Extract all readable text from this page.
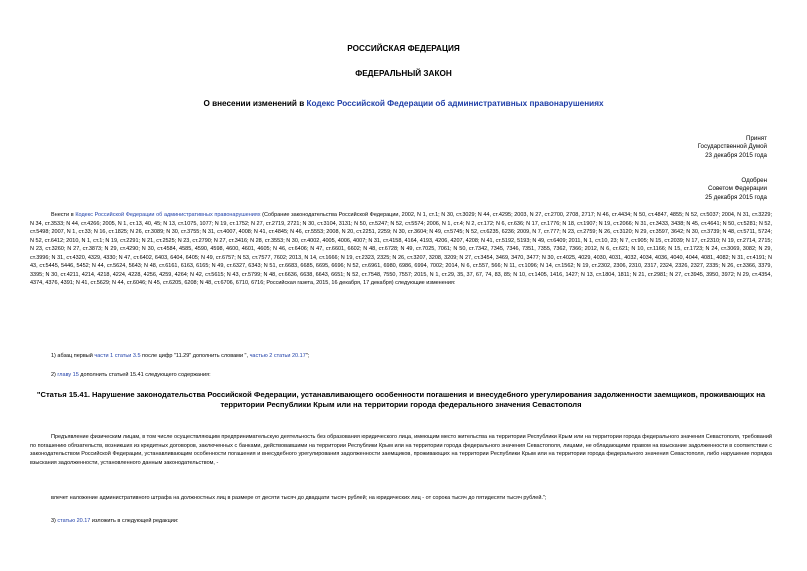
РОССИЙСКАЯ ФЕДЕРАЦИЯ
ФЕДЕРАЛЬНЫЙ ЗАКОН
О внесении изменений в Кодекс Российской Федерации об административных правонарушениях
Принят
Государственной Думой
23 декабря 2015 года
Одобрен
Советом Федерации
25 декабря 2015 года
Внести в Кодекс Российской Федерации об административных правонарушениях (Собрание законодательства Российской Федерации, 2002, N 1, ст.1; N 30, ст.3029; N 44, ст.4295; 2003, N 27, ст.2700, 2708, 2717; N 46, ст.4434; N 50, ст.4847, 4855; N 52, ст.5037; 2004, N 31, ст.3229; N 34, ст.3533; N 44, ст.4266; 2005, N 1, ст.13, 40, 45; N 13, ст.1075, 1077; N 19, ст.1752; N 27, ст.2719, 2721; N 30, ст.3104, 3131; N 50, ст.5247; N 52, ст.5574; 2006, N 1, ст.4; N 2, ст.172; N 6, ст.636; N 17, ст.1776; N 18, ст.1907; N 19, ст.2066; N 31, ст.3433, 3438; N 45, ст.4641; N 50, ст.5281; N 52, ст.5498; 2007, N 1, ст.33; N 16, ст.1825; N 26, ст.3089; N 30, ст.3755; N 31, ст.4007, 4008; N 41, ст.4845; N 46, ст.5553; 2008, N 20, ст.2251, 2259; N 30, ст.3604; N 49, ст.5745; N 52, ст.6235, 6236; 2009, N 7, ст.777; N 23, ст.2759; N 26, ст.3120; N 29, ст.3597, 3642; N 30, ст.3739; N 48, ст.5711, 5724; N 52, ст.6412; 2010, N 1, ст.1; N 19, ст.2291; N 21, ст.2525; N 23, ст.2790; N 27, ст.3416; N 28, ст.3553; N 30, ст.4002, 4005, 4006, 4007; N 31, ст.4158, 4164, 4193, 4206, 4207, 4208; N 41, ст.5192, 5193; N 49, ст.6409; 2011, N 1, ст.10, 23; N 7, ст.905; N 15, ст.2039; N 17, ст.2310; N 19, ст.2714, 2715; N 23, ст.3260; N 27, ст.3873; N 29, ст.4290; N 30, ст.4584, 4585, 4590, 4598, 4600, 4601, 4605; N 46, ст.6406; N 47, ст.6601, 6602; N 48, ст.6728; N 49, ст.7025, 7061; N 50, ст.7342, 7345, 7346, 7351, 7355, 7362, 7366; 2012, N 6, ст.621; N 10, ст.1166; N 15, ст.1723; N 24, ст.3069, 3082; N 29, ст.3996; N 31, ст.4320, 4329, 4330; N 47, ст.6402, 6403, 6404, 6405; N 49, ст.6757; N 53, ст.7577, 7602; 2013, N 14, ст.1666; N 19, ст.2323, 2325; N 26, ст.3207, 3208, 3209; N 27, ст.3454, 3469, 3470, 3477; N 30, ст.4025, 4029, 4030, 4031, 4032, 4034, 4036, 4040, 4044, 4081, 4082; N 31, ст.4191; N 43, ст.5445, 5446, 5452; N 44, ст.5624, 5643; N 48, ст.6161, 6163, 6165; N 49, ст.6327, 6343; N 51, ст.6683, 6685, 6695, 6696; N 52, ст.6961, 6980, 6986, 6994, 7002; 2014, N 6, ст.557, 566; N 11, ст.1096; N 14, ст.1562; N 19, ст.2302, 2306, 2310, 2317, 2324, 2326, 2327, 2335; N 26, ст.3366, 3379, 3395; N 30, ст.4211, 4214, 4218, 4224, 4228, 4256, 4259, 4264; N 42, ст.5615; N 43, ст.5799; N 48, ст.6636, 6638, 6643, 6651; N 52, ст.7548, 7550, 7557; 2015, N 1, ст.29, 35, 37, 67, 74, 83, 85; N 10, ст.1405, 1416, 1427; N 13, ст.1804, 1811; N 21, ст.2981; N 27, ст.3945, 3950, 3972; N 29, ст.4354, 4374, 4376, 4391; N 41, ст.5629; N 44, ст.6046; N 45, ст.6205, 6208; N 48, ст.6706, 6710, 6716; Российская газета, 2015, 16 декабря, 17 декабря) следующие изменения:
1) абзац первый части 1 статьи 3.5 после цифр "11.29" дополнить словами ", частью 2 статьи 20.17";
2) главу 15 дополнить статьей 15.41 следующего содержания:
"Статья 15.41. Нарушение законодательства Российской Федерации, устанавливающего особенности погашения и внесудебного урегулирования задолженности заемщиков, проживающих на территории Республики Крым или на территории города федерального значения Севастополя
Предъявление физическим лицам, в том числе осуществляющим предпринимательскую деятельность без образования юридического лица, имеющим место жительства на территории Республики Крым или на территории города федерального значения Севастополя, требований по погашению обязательств, возникших из кредитных договоров, заключенных с банками, действовавшими на территории Республики Крым или на территории города федерального значения Севастополя, лицами, не обладающими правом на взыскание задолженности в соответствии с законодательством Российской Федерации, устанавливающим особенности погашения и внесудебного урегулирования задолженности заемщиков, проживающих на территории Республики Крым или на территории города федерального значения Севастополя, либо нарушение порядка взыскания задолженности, установленного данным законодательством, -
влечет наложение административного штрафа на должностных лиц в размере от десяти тысяч до двадцати тысяч рублей; на юридических лиц - от сорока тысяч до пятидесяти тысяч рублей.";
3) статью 20.17 изложить в следующей редакции:
